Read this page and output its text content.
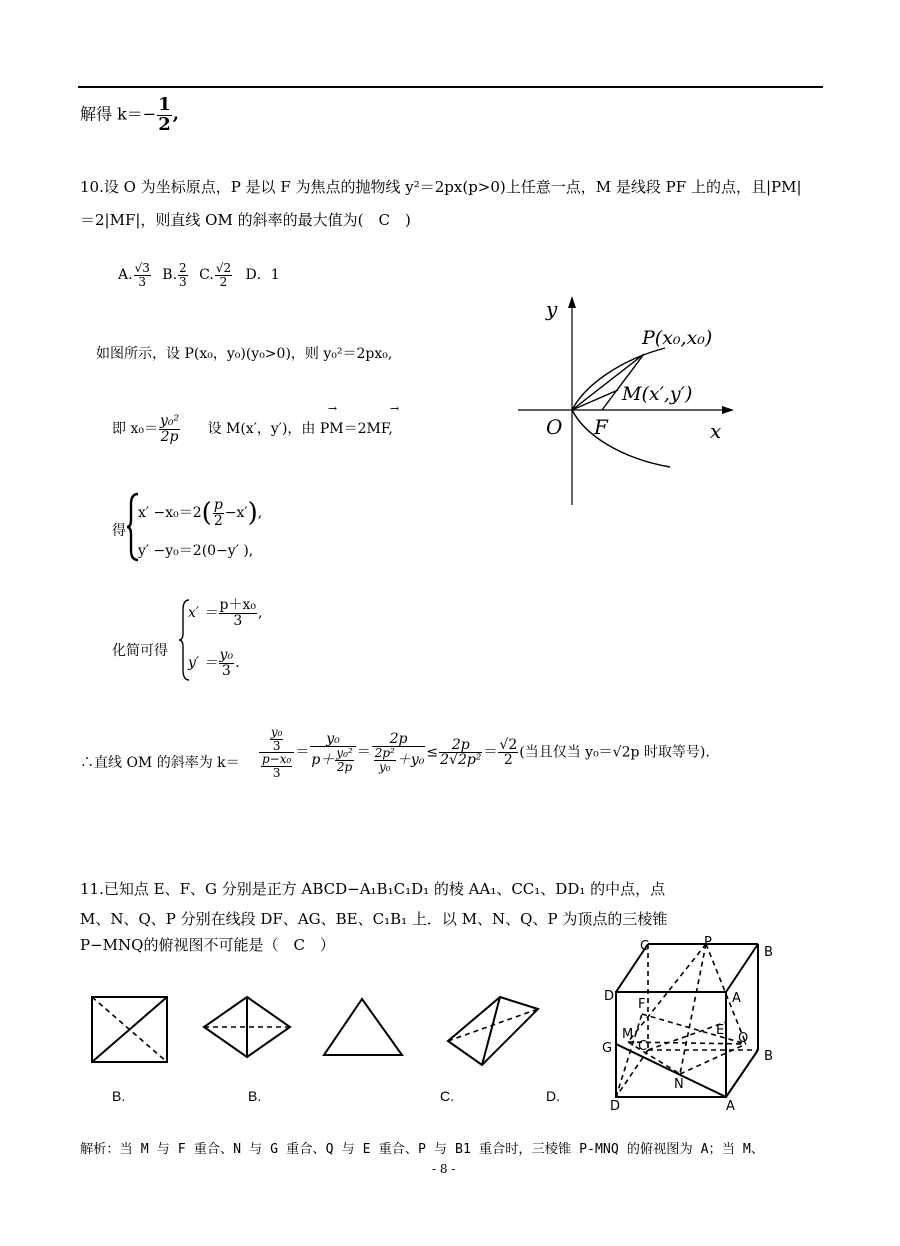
解得 $k=- \frac{1}{2}$ ,
10.设 O 为坐标原点，P 是以 F 为焦点的抛物线 y²＝2px(p>0)上任意一点，M 是线段 PF 上的点，且|PM|
＝2|MF|，则直线 OM 的斜率的最大值为(　C　)
A. $\frac{√3}{3} B$. $\frac{2}{3} C$. $\frac{√2}{2}$ D．1
如图所示，设 P(x₀，y₀)(y₀>0)，则 y₀²＝2px₀,
即 $x_0= \frac{\text{y₀²}}{2p}$ 设 M(x′，y′)，由
→	→
PM＝2MF,
得
$x' -x_0=2( \frac{p}{2} -x')$,
y′ −y₀＝2(0−y′ ),
化简可得
$x' = \frac{\text{p＋x₀}}{3}$ ,
$y' = \frac{\text{y₀}}{3}$ .
∴直线 OM 的斜率为 $k= \frac{\frac{\text{y₀}}{3}}{\frac{\text{p−x₀}}{3}} = \frac{\text{y₀}}{p+ \frac{\text{y₀²}}{2p}} = \frac{2p}{\frac{\text{2p²}}{\text{y₀}} +y_0} \le \frac{2p}{\text{2√2p²}} = \frac{√2}{2}$ (当且仅当 y₀＝√2p 时取等号).
y
x
O F
P(x₀,x₀)
M(x′,y′)
11.已知点 E、F、G 分别是正方 ABCD−A₁B₁C₁D₁ 的棱 AA₁、CC₁、DD₁ 的中点，点
M、N、Q、P 分别在线段 DF、AG、BE、C₁B₁ 上．以 M、N、Q、P 为顶点的三棱锥
P−MNQ的俯视图不可能是（　C　）
B.	B.	C.	D.
C	P
B
D
F	A
M	E
Q
G C
B
N
D	A
解析：当 M 与 F 重合、N 与 G 重合、Q 与 E 重合、P 与 B1 重合时，三棱锥 P-MNQ 的俯视图为 A；当 M、
- 8 -
